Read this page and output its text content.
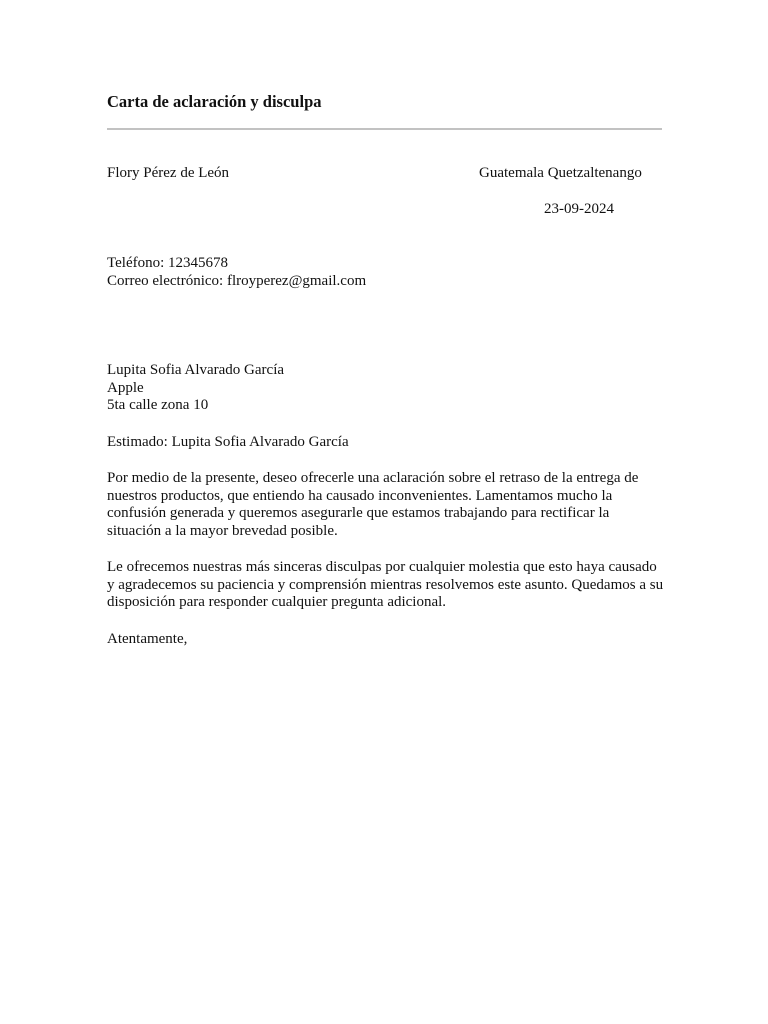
Carta de aclaración y disculpa
Flory Pérez de León	Guatemala Quetzaltenango
23-09-2024
Teléfono: 12345678
Correo electrónico: flroyperez@gmail.com
Lupita Sofia Alvarado García
Apple
5ta calle zona 10
Estimado: Lupita Sofia Alvarado García

Por medio de la presente, deseo ofrecerle una aclaración sobre el retraso de la entrega de nuestros productos, que entiendo ha causado inconvenientes. Lamentamos mucho la confusión generada y queremos asegurarle que estamos trabajando para rectificar la situación a la mayor brevedad posible.

Le ofrecemos nuestras más sinceras disculpas por cualquier molestia que esto haya causado y agradecemos su paciencia y comprensión mientras resolvemos este asunto. Quedamos a su disposición para responder cualquier pregunta adicional.

Atentamente,
